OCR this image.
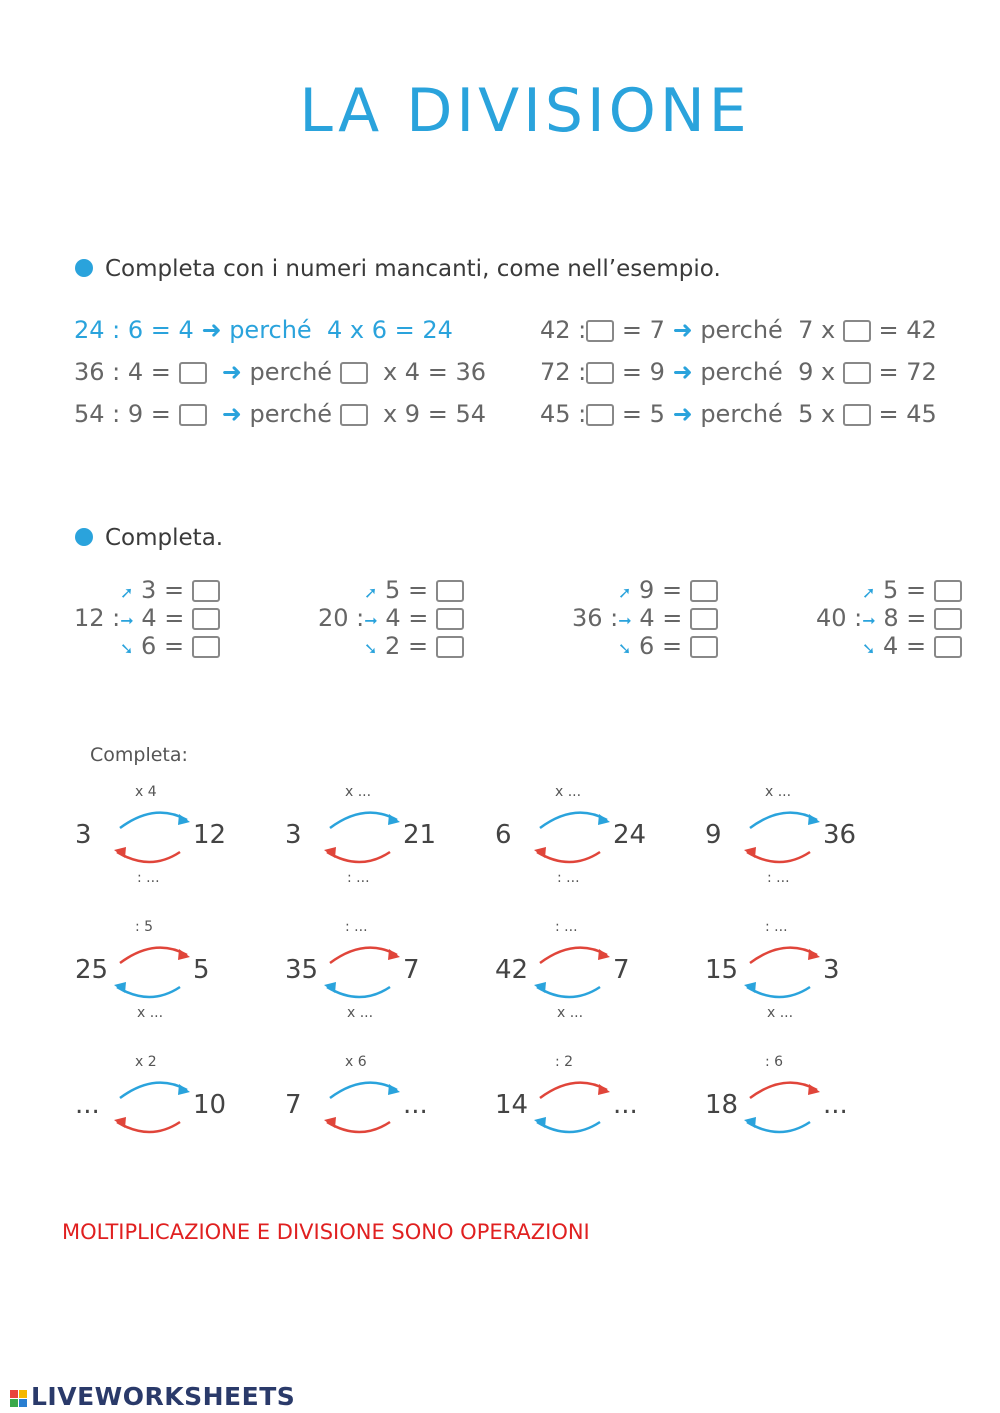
LA DIVISIONE
Completa con i numeri mancanti, come nell’esempio.
24 : 6 = 4 ➜ perché 4 x 6 = 24
36 : 4 = ➜ perché x 4 = 36
54 : 9 = ➜ perché x 9 = 54
42 : = 7 ➜ perché 7 x = 42
72 : = 9 ➜ perché 9 x = 72
45 : = 5 ➜ perché 5 x = 45
Completa.
➚ 3 =
12 :➞ 4 =
➘ 6 =
➚ 5 =
20 :➞ 4 =
➘ 2 =
➚ 9 =
36 :➞ 4 =
➘ 6 =
➚ 5 =
40 :➞ 8 =
➘ 4 =
Completa:
x 4
3	12
: ...
x ...
3	21
: ...
x ...
6	24
: ...
x ...
9	36
: ...
: 5
25	5
x ...
: ...
35	7
x ...
: ...
42	7
x ...
: ...
15	3
x ...
x 2
...	10
x 6
7	...
: 2
14	...
: 6
18	...
MOLTIPLICAZIONE E DIVISIONE SONO OPERAZIONI
LIVEWORKSHEETS
